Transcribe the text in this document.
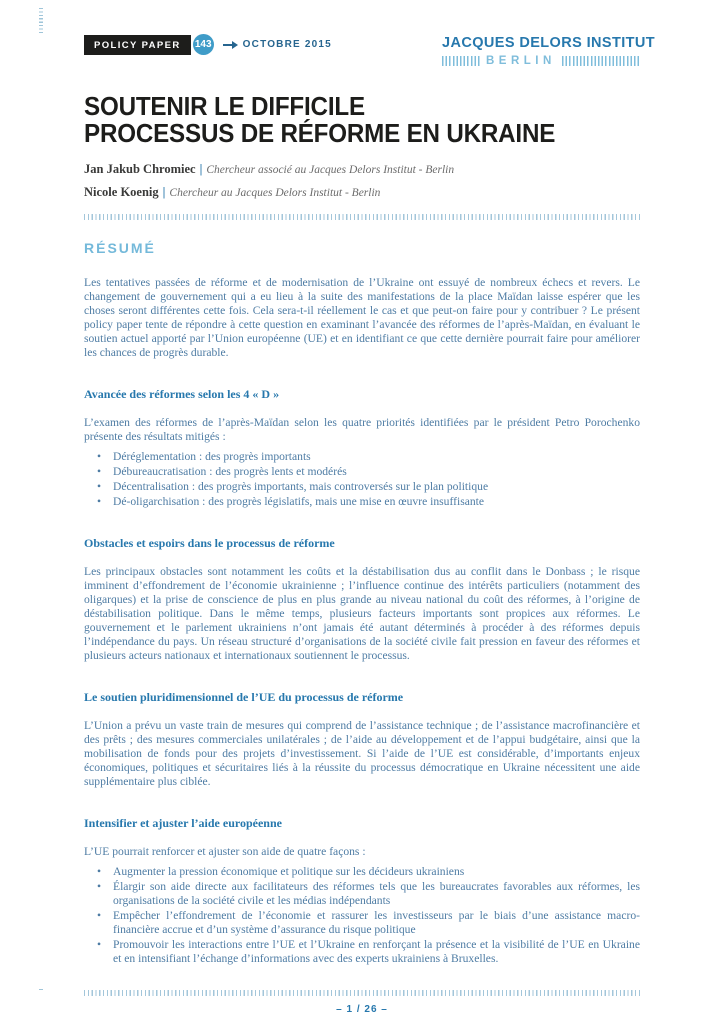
POLICY PAPER	143	OCTOBRE 2015	JACQUES DELORS INSTITUT
BERLIN
SOUTENIR LE DIFFICILE
PROCESSUS DE RÉFORME EN UKRAINE

Jan Jakub Chromiec | Chercheur associé au Jacques Delors Institut - Berlin

Nicole Koenig | Chercheur au Jacques Delors Institut - Berlin

RÉSUMÉ

Les tentatives passées de réforme et de modernisation de l’Ukraine ont essuyé de nombreux échecs et revers. Le changement de gouvernement qui a eu lieu à la suite des manifestations de la place Maïdan laisse espérer que les choses seront différentes cette fois. Cela sera-t-il réellement le cas et que peut-on faire pour y contribuer ? Le présent policy paper tente de répondre à cette question en examinant l’avancée des réformes de l’après-Maïdan, en évaluant le soutien actuel apporté par l’Union européenne (UE) et en identifiant ce que cette dernière pourrait faire pour améliorer les chances de progrès durable.

Avancée des réformes selon les 4 « D »

L’examen des réformes de l’après-Maïdan selon les quatre priorités identifiées par le président Petro Porochenko présente des résultats mitigés :

• Déréglementation : des progrès importants
• Débureaucratisation : des progrès lents et modérés
• Décentralisation : des progrès importants, mais controversés sur le plan politique
• Dé-oligarchisation : des progrès législatifs, mais une mise en œuvre insuffisante
Obstacles et espoirs dans le processus de réforme

Les principaux obstacles sont notamment les coûts et la déstabilisation dus au conflit dans le Donbass ; le risque imminent d’effondrement de l’économie ukrainienne ; l’influence continue des intérêts particuliers (notamment des oligarques) et la prise de conscience de plus en plus grande au niveau national du coût des réformes, à l’origine de déstabilisation politique. Dans le même temps, plusieurs facteurs importants sont propices aux réformes. Le gouvernement et le parlement ukrainiens n’ont jamais été autant déterminés à procéder à des réformes depuis l’indépendance du pays. Un réseau structuré d’organisations de la société civile fait pression en faveur des réformes et plusieurs acteurs nationaux et internationaux soutiennent le processus.

Le soutien pluridimensionnel de l’UE du processus de réforme

L’Union a prévu un vaste train de mesures qui comprend de l’assistance technique ; de l’assistance macrofinancière et des prêts ; des mesures commerciales unilatérales ; de l’aide au développement et de l’appui budgétaire, ainsi que la mobilisation de fonds pour des projets d’investissement. Si l’aide de l’UE est considérable, d’importants enjeux économiques, politiques et sécuritaires liés à la réussite du processus démocratique en Ukraine nécessitent une aide supplémentaire plus ciblée.

Intensifier et ajuster l’aide européenne

L’UE pourrait renforcer et ajuster son aide de quatre façons :

• Augmenter la pression économique et politique sur les décideurs ukrainiens
• Élargir son aide directe aux facilitateurs des réformes tels que les bureaucrates favorables aux réformes, les organisations de la société civile et les médias indépendants
• Empêcher l’effondrement de l’économie et rassurer les investisseurs par le biais d’une assistance macro-financière accrue et d’un système d’assurance du risque politique
• Promouvoir les interactions entre l’UE et l’Ukraine en renforçant la présence et la visibilité de l’UE en Ukraine et en intensifiant l’échange d’informations avec des experts ukrainiens à Bruxelles.
– 1 / 26 –
